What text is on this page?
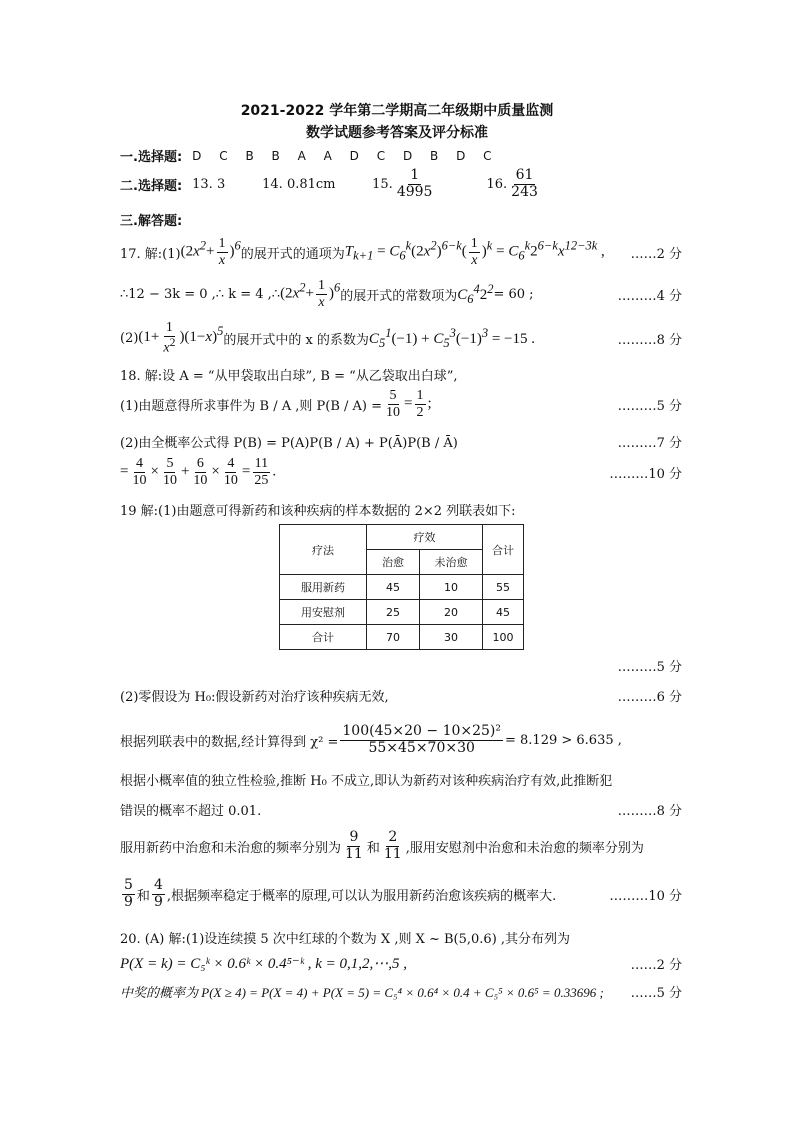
2021-2022 学年第二学期高二年级期中质量监测
数学试题参考答案及评分标准
一.选择题: D C B B A A D C D B D C
二.选择题: 13. 3	14. 0.81cm	15. $\frac{1}{4995}$	16. $\frac{61}{243}$
三.解答题:
17. 解:(1) $(2x^2+ \frac{1}{x} )^6$
的展开式的通项为 $T_{k+1} = C_6^k(2x^2)^{6-k}( \frac{1}{x} )^k = C_6^k2^{6-k}x^{12-3k}$ ,	……2 分
∴12 − 3k = 0 ,∴ k = 4 ,∴ $(2x^2+ \frac{1}{x} )^6$
的展开式的常数项为 $C_6^42^2 = 60$ ;	………4 分
(2) $(1+ \frac{1}{x^2} )(1-x)^5$
的展开式中的 x 的系数为 $C_5^1(-1) + C_5^3(-1)^3 = -15$ .	………8 分
18. 解:设 A = “从甲袋取出白球”, B = “从乙袋取出白球”,
(1)由题意得所求事件为 B / A ,则 $P(B / A) = \frac{5}{10} = \frac{1}{2}$ ;	………5 分
(2)由全概率公式得 P(B) = P(A)P(B / A) + P(Ā)P(B / Ā)	………7 分
= $\frac{4}{10} \times \frac{5}{10} + \frac{6}{10} \times \frac{4}{10} = \frac{11}{25}$ .	………10 分
19 解:(1)由题意可得新药和该种疾病的样本数据的 2×2 列联表如下:
疗法	疗效		合计
	治愈	未治愈	
服用新药	45	10	55
用安慰剂	25	20	45
合计	70	30	100
………5 分
(2)零假设为 H₀:假设新药对治疗该种疾病无效,	………6 分
根据列联表中的数据,经计算得到 $\chi^2 = \frac{\text{100(45×20 − 10×25)²}}{55\times 45\times 70\times 30} = 8.129 > 6.635$ ,
根据小概率值的独立性检验,推断 H₀ 不成立,即认为新药对该种疾病治疗有效,此推断犯
错误的概率不超过 0.01.	………8 分
服用新药中治愈和未治愈的频率分别为 $\frac{9}{11}$ 和 $\frac{2}{11}$ ,服用安慰剂中治愈和未治愈的频率分别为
$\frac{5}{9}$ 和 $\frac{4}{9}$ ,根据频率稳定于概率的原理,可以认为服用新药治愈该疾病的概率大.	………10 分
20. (A) 解:(1)设连续摸 5 次中红球的个数为 X ,则 X ~ B(5,0.6) ,其分布列为
P(X = k) = C₅ᵏ × 0.6ᵏ × 0.4⁵⁻ᵏ , k = 0,1,2,⋯,5 ,	……2 分
中奖的概率为 P(X ≥ 4) = P(X = 4) + P(X = 5) = C₅⁴ × 0.6⁴ × 0.4 + C₅⁵ × 0.6⁵ = 0.33696 ;	……5 分
